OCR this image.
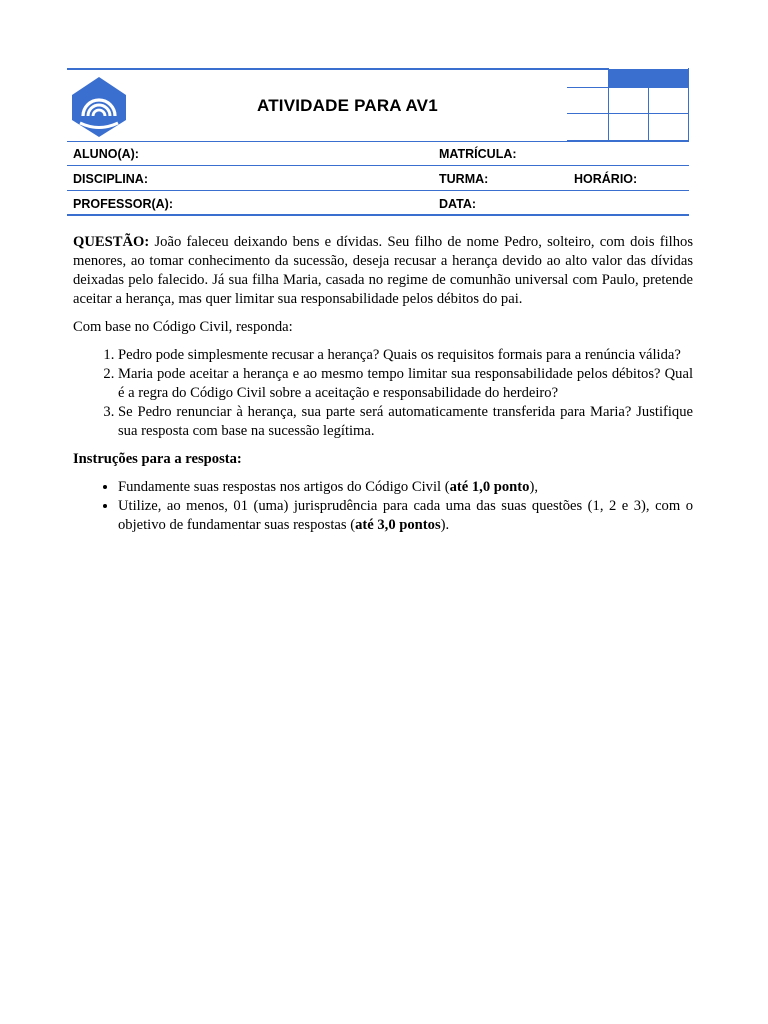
ATIVIDADE PARA AV1
ALUNO(A):	MATRÍCULA:
DISCIPLINA:	TURMA:	HORÁRIO:
PROFESSOR(A):	DATA:

QUESTÃO: João faleceu deixando bens e dívidas. Seu filho de nome Pedro, solteiro, com dois filhos menores, ao tomar conhecimento da sucessão, deseja recusar a herança devido ao alto valor das dívidas deixadas pelo falecido. Já sua filha Maria, casada no regime de comunhão universal com Paulo, pretende aceitar a herança, mas quer limitar sua responsabilidade pelos débitos do pai.

Com base no Código Civil, responda:

1. Pedro pode simplesmente recusar a herança? Quais os requisitos formais para a renúncia válida?
2. Maria pode aceitar a herança e ao mesmo tempo limitar sua responsabilidade pelos débitos? Qual é a regra do Código Civil sobre a aceitação e responsabilidade do herdeiro?
3. Se Pedro renunciar à herança, sua parte será automaticamente transferida para Maria? Justifique sua resposta com base na sucessão legítima.

Instruções para a resposta:

• Fundamente suas respostas nos artigos do Código Civil (até 1,0 ponto),
• Utilize, ao menos, 01 (uma) jurisprudência para cada uma das suas questões (1, 2 e 3), com o objetivo de fundamentar suas respostas (até 3,0 pontos).
